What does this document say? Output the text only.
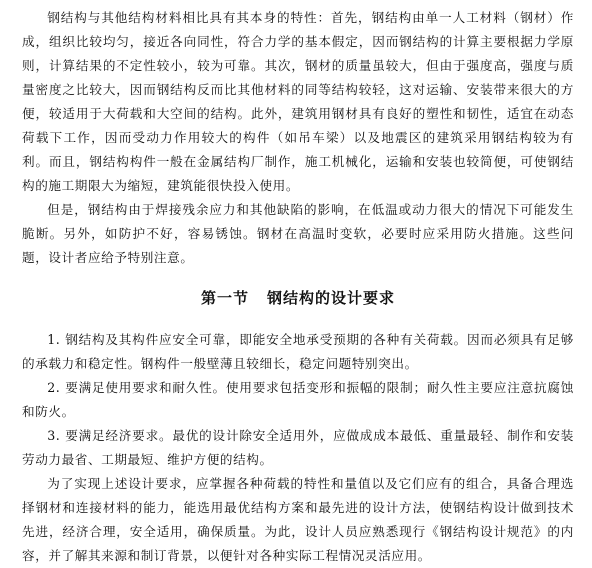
钢结构与其他结构材料相比具有其本身的特性：首先，钢结构由单一人工材料（钢材）作成，组织比较均匀，接近各向同性，符合力学的基本假定，因而钢结构的计算主要根据力学原则，计算结果的不定性较小，较为可靠。其次，钢材的质量虽较大，但由于强度高，强度与质量密度之比较大，因而钢结构反而比其他材料的同等结构较轻，这对运输、安装带来很大的方便，较适用于大荷载和大空间的结构。此外，建筑用钢材具有良好的塑性和韧性，适宜在动态荷载下工作，因而受动力作用较大的构件（如吊车梁）以及地震区的建筑采用钢结构较为有利。而且，钢结构构件一般在金属结构厂制作，施工机械化，运输和安装也较简便，可使钢结构的施工期限大为缩短，建筑能很快投入使用。

但是，钢结构由于焊接残余应力和其他缺陷的影响，在低温或动力很大的情况下可能发生脆断。另外，如防护不好，容易锈蚀。钢材在高温时变软，必要时应采用防火措施。这些问题，设计者应给予特别注意。

第一节 钢结构的设计要求

1. 钢结构及其构件应安全可靠，即能安全地承受预期的各种有关荷载。因而必须具有足够的承载力和稳定性。钢构件一般壁薄且较细长，稳定问题特别突出。

2. 要满足使用要求和耐久性。使用要求包括变形和振幅的限制；耐久性主要应注意抗腐蚀和防火。

3. 要满足经济要求。最优的设计除安全适用外，应做成成本最低、重量最轻、制作和安装劳动力最省、工期最短、维护方便的结构。

为了实现上述设计要求，应掌握各种荷载的特性和量值以及它们应有的组合，具备合理选择钢材和连接材料的能力，能选用最优结构方案和最先进的设计方法，使钢结构设计做到技术先进，经济合理，安全适用，确保质量。为此，设计人员应熟悉现行《钢结构设计规范》的内容，并了解其来源和制订背景，以便针对各种实际工程情况灵活应用。
